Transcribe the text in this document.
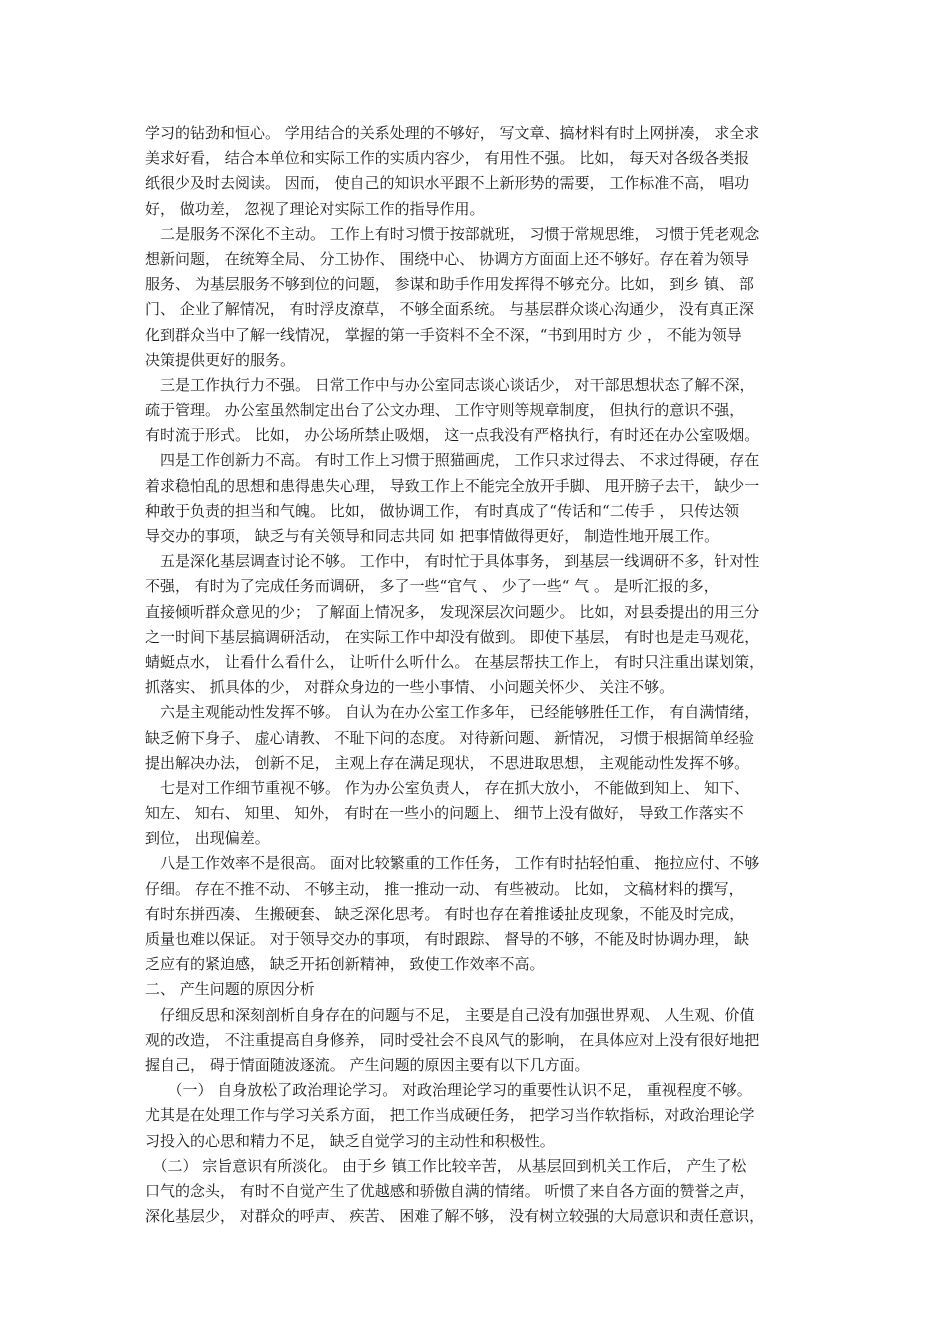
学习的钻劲和恒心。 学用结合的关系处理的不够好， 写文章、搞材料有时上网拼凑， 求全求
美求好看， 结合本单位和实际工作的实质内容少， 有用性不强。 比如， 每天对各级各类报
纸很少及时去阅读。 因而， 使自己的知识水平跟不上新形势的需要， 工作标准不高， 唱功
好， 做功差， 忽视了理论对实际工作的指导作用。
　二是服务不深化不主动。 工作上有时习惯于按部就班， 习惯于常规思维， 习惯于凭老观念
想新问题， 在统筹全局、 分工协作、 围绕中心、 协调方方面面上还不够好。存在着为领导
服务、 为基层服务不够到位的问题， 参谋和助手作用发挥得不够充分。比如， 到乡 镇、 部
门、 企业了解情况， 有时浮皮潦草， 不够全面系统。 与基层群众谈心沟通少， 没有真正深
化到群众当中了解一线情况， 掌握的第一手资料不全不深，“书到用时方 少 ， 不能为领导
决策提供更好的服务。
　三是工作执行力不强。 日常工作中与办公室同志谈心谈话少， 对干部思想状态了解不深，
疏于管理。 办公室虽然制定出台了公文办理、 工作守则等规章制度， 但执行的意识不强，
有时流于形式。 比如， 办公场所禁止吸烟， 这一点我没有严格执行，有时还在办公室吸烟。
　四是工作创新力不高。 有时工作上习惯于照猫画虎， 工作只求过得去、 不求过得硬，存在
着求稳怕乱的思想和患得患失心理， 导致工作上不能完全放开手脚、 甩开膀子去干， 缺少一
种敢于负责的担当和气魄。 比如， 做协调工作， 有时真成了“传话和“二传手 ， 只传达领
导交办的事项， 缺乏与有关领导和同志共同 如 把事情做得更好， 制造性地开展工作。
　五是深化基层调查讨论不够。 工作中， 有时忙于具体事务， 到基层一线调研不多，针对性
不强， 有时为了完成任务而调研， 多了一些“官气 、 少了一些“ 气 。 是听汇报的多，
直接倾听群众意见的少； 了解面上情况多， 发现深层次问题少。 比如，对县委提出的用三分
之一时间下基层搞调研活动， 在实际工作中却没有做到。 即使下基层， 有时也是走马观花，
蜻蜓点水， 让看什么看什么， 让听什么听什么。 在基层帮扶工作上， 有时只注重出谋划策，
抓落实、 抓具体的少， 对群众身边的一些小事情、 小问题关怀少、 关注不够。
　六是主观能动性发挥不够。 自认为在办公室工作多年， 已经能够胜任工作， 有自满情绪，
缺乏俯下身子、 虚心请教、 不耻下问的态度。 对待新问题、 新情况， 习惯于根据简单经验
提出解决办法， 创新不足， 主观上存在满足现状， 不思进取思想， 主观能动性发挥不够。
　七是对工作细节重视不够。 作为办公室负责人， 存在抓大放小， 不能做到知上、 知下、
知左、 知右、 知里、 知外， 有时在一些小的问题上、 细节上没有做好， 导致工作落实不
到位， 出现偏差。
　八是工作效率不是很高。 面对比较繁重的工作任务， 工作有时拈轻怕重、 拖拉应付、不够
仔细。 存在不推不动、 不够主动， 推一推动一动、 有些被动。 比如， 文稿材料的撰写，
有时东拼西凑、 生搬硬套、 缺乏深化思考。 有时也存在着推诿扯皮现象，不能及时完成，
质量也难以保证。 对于领导交办的事项， 有时跟踪、 督导的不够，不能及时协调办理， 缺
乏应有的紧迫感， 缺乏开拓创新精神， 致使工作效率不高。
二、 产生问题的原因分析
　仔细反思和深刻剖析自身存在的问题与不足， 主要是自己没有加强世界观、 人生观、价值
观的改造， 不注重提高自身修养， 同时受社会不良风气的影响， 在具体应对上没有很好地把
握自己， 碍于情面随波逐流。 产生问题的原因主要有以下几方面。
　　（一） 自身放松了政治理论学习。 对政治理论学习的重要性认识不足， 重视程度不够。
尤其是在处理工作与学习关系方面， 把工作当成硬任务， 把学习当作软指标，对政治理论学
习投入的心思和精力不足， 缺乏自觉学习的主动性和积极性。
　（二） 宗旨意识有所淡化。 由于乡 镇工作比较辛苦， 从基层回到机关工作后， 产生了松
口气的念头， 有时不自觉产生了优越感和骄傲自满的情绪。 听惯了来自各方面的赞誉之声，
深化基层少， 对群众的呼声、 疾苦、 困难了解不够， 没有树立较强的大局意识和责任意识，
